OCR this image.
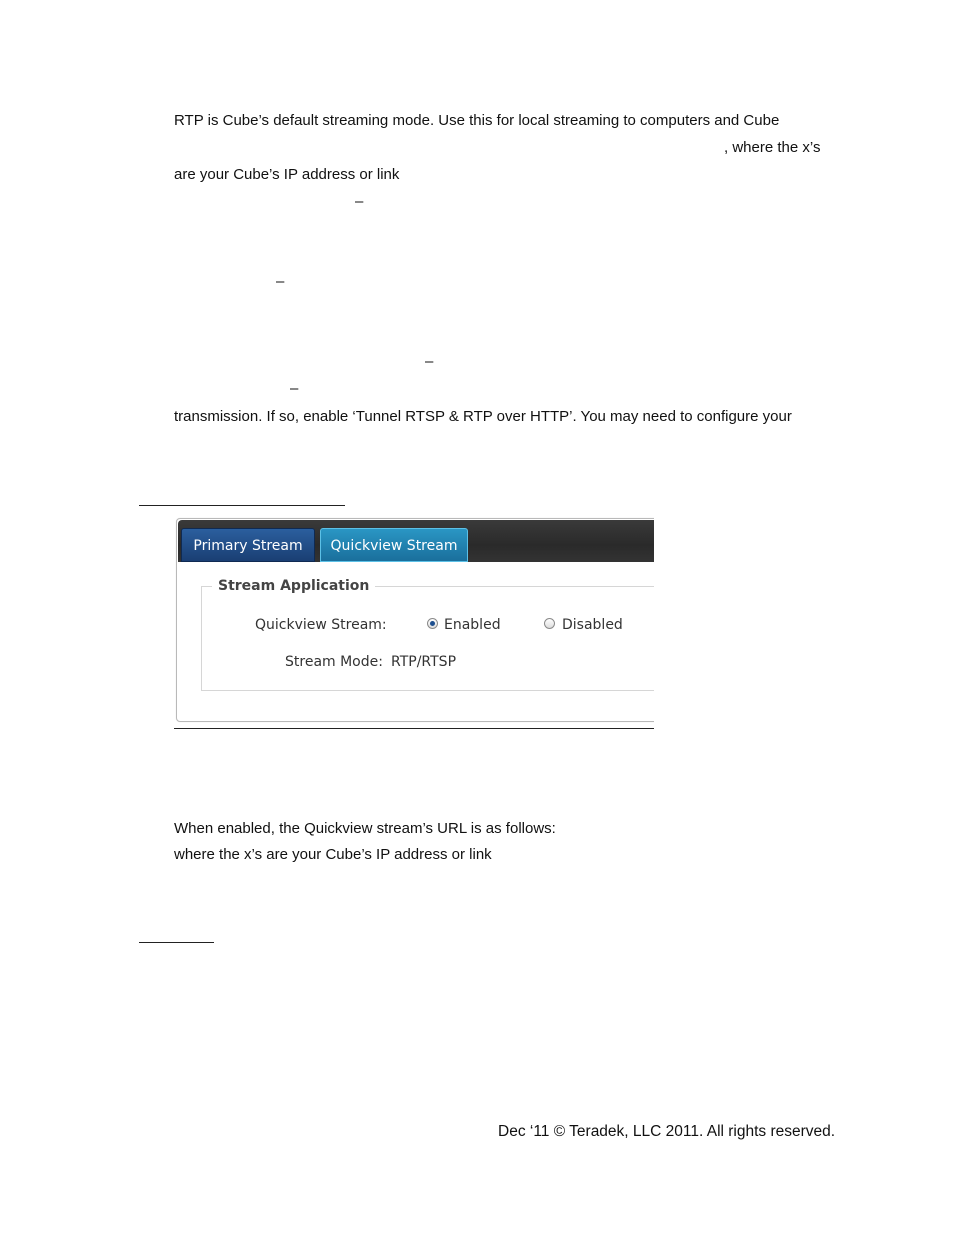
RTP is Cube’s default streaming mode. Use this for local streaming to computers and Cube
, where the x’s
are your Cube’s IP address or link
–
–
–
–
transmission. If so, enable ‘Tunnel RTSP & RTP over HTTP’. You may need to configure your
Primary Stream	Quickview Stream
Stream Application
Quickview Stream:	Enabled	Disabled
Stream Mode: RTP/RTSP
When enabled, the Quickview stream’s URL is as follows:
where the x’s are your Cube’s IP address or link
Dec ‘11 © Teradek, LLC 2011. All rights reserved.
